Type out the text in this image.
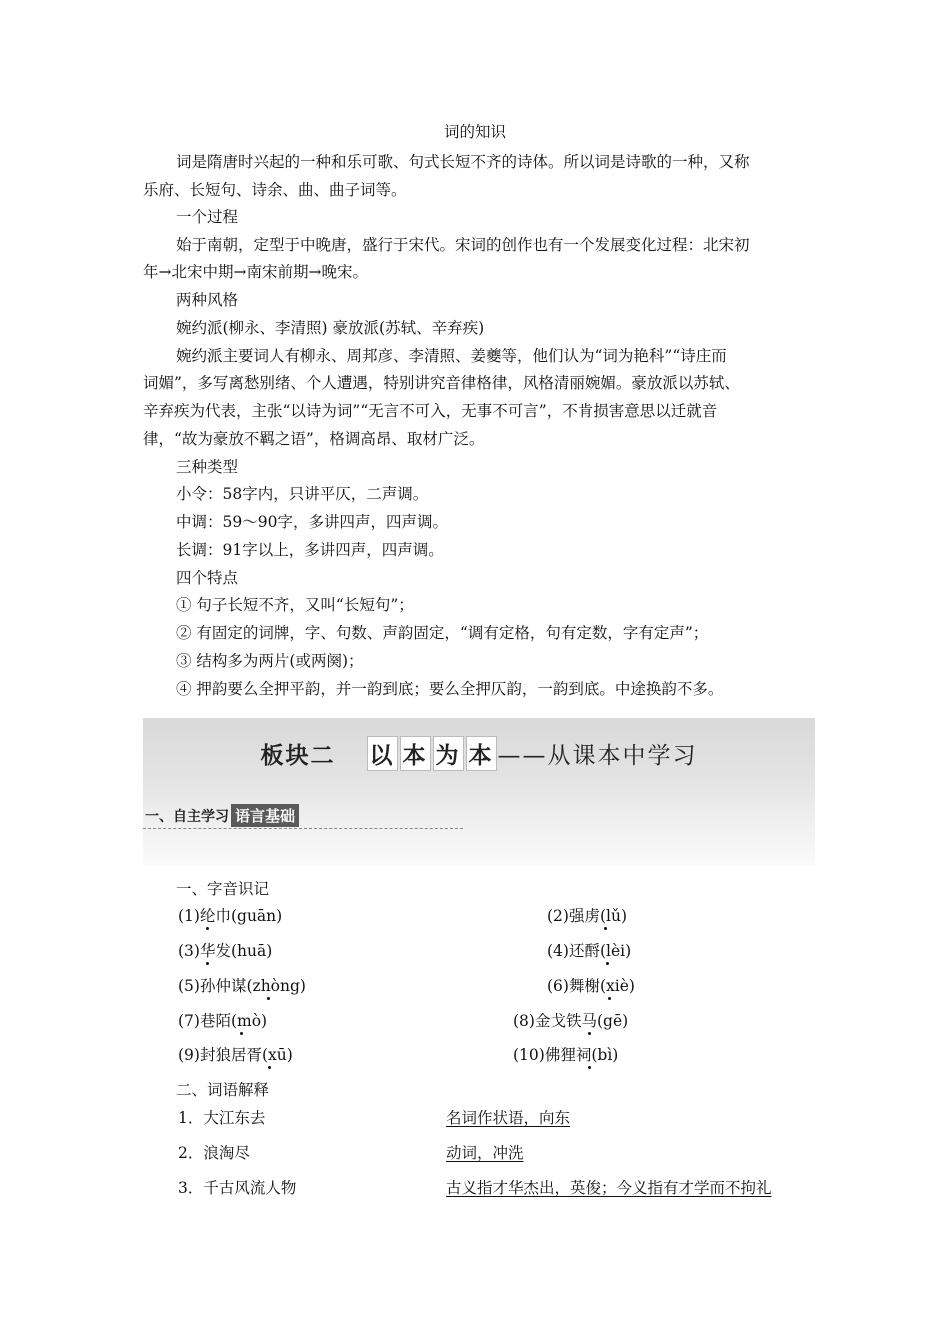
词的知识
词是隋唐时兴起的一种和乐可歌、句式长短不齐的诗体。所以词是诗歌的一种，又称
乐府、长短句、诗余、曲、曲子词等。
一个过程
始于南朝，定型于中晚唐，盛行于宋代。宋词的创作也有一个发展变化过程：北宋初
年→北宋中期→南宋前期→晚宋。
两种风格
婉约派(柳永、李清照) 豪放派(苏轼、辛弃疾)
婉约派主要词人有柳永、周邦彦、李清照、姜夔等，他们认为“词为艳科”“诗庄而
词媚”，多写离愁别绪、个人遭遇，特别讲究音律格律，风格清丽婉媚。豪放派以苏轼、
辛弃疾为代表，主张“以诗为词”“无言不可入，无事不可言”，不肯损害意思以迁就音
律，“故为豪放不羁之语”，格调高昂、取材广泛。
三种类型
小令：58字内，只讲平仄，二声调。
中调：59～90字，多讲四声，四声调。
长调：91字以上，多讲四声，四声调。
四个特点
① 句子长短不齐，又叫“长短句”；
② 有固定的词牌，字、句数、声韵固定，“调有定格，句有定数，字有定声”；
③ 结构多为两片(或两阕)；
④ 押韵要么全押平韵，并一韵到底；要么全押仄韵，一韵到底。中途换韵不多。
板块二 以 本 为 本 ——从课本中学习
一、自主学习 语言基础
一、字音识记
(1)纶巾(guān)	(2)强虏(lǔ)
(3)华发(huā)	(4)还酹(lèi)
(5)孙仲谋(zhòng)	(6)舞榭(xiè)
(7)巷陌(mò)	(8)金戈铁马(gē)
(9)封狼居胥(xū)	(10)佛狸祠(bì)
二、词语解释
1．大江东去	名词作状语，向东
2．浪淘尽	动词，冲洗
3．千古风流人物	古义指才华杰出，英俊；今义指有才学而不拘礼
